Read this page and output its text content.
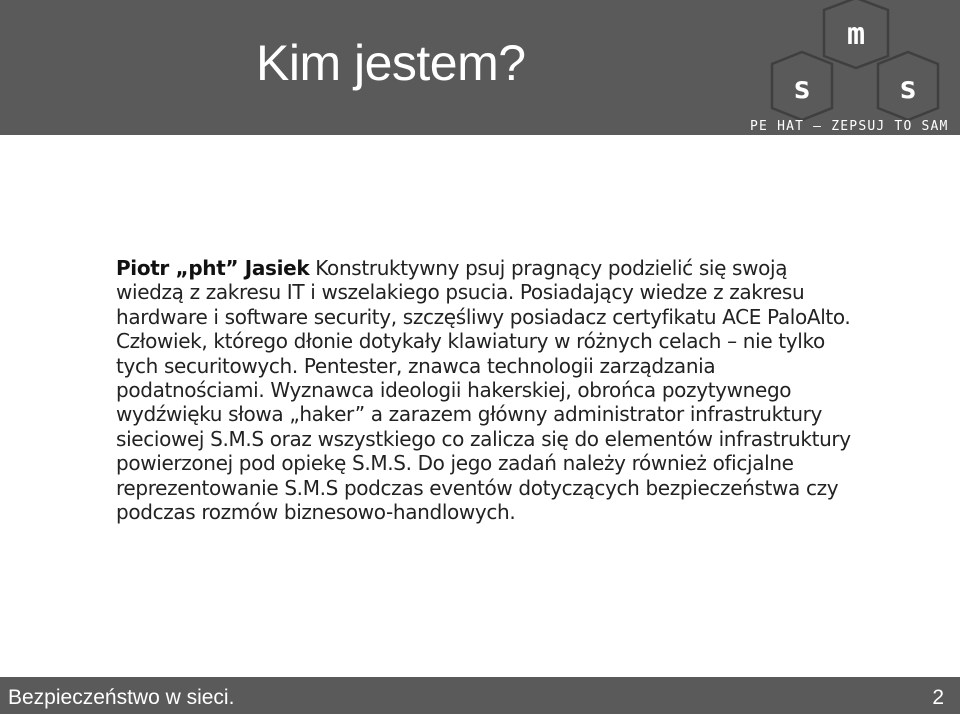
Kim jestem?
m
s	s
PE HAT – ZEPSUJ TO SAM
Piotr „pht” Jasiek Konstruktywny psuj pragnący podzielić się swoją wiedzą z zakresu IT i wszelakiego psucia. Posiadający wiedze z zakresu hardware i software security, szczęśliwy posiadacz certyfikatu ACE PaloAlto. Człowiek, którego dłonie dotykały klawiatury w różnych celach – nie tylko tych securitowych. Pentester, znawca technologii zarządzania podatnościami. Wyznawca ideologii hakerskiej, obrońca pozytywnego wydźwięku słowa „haker” a zarazem główny administrator infrastruktury sieciowej S.M.S oraz wszystkiego co zalicza się do elementów infrastruktury powierzonej pod opiekę S.M.S. Do jego zadań należy również oficjalne reprezentowanie S.M.S podczas eventów dotyczących bezpieczeństwa czy podczas rozmów biznesowo-handlowych.
Bezpieczeństwo w sieci.	2
